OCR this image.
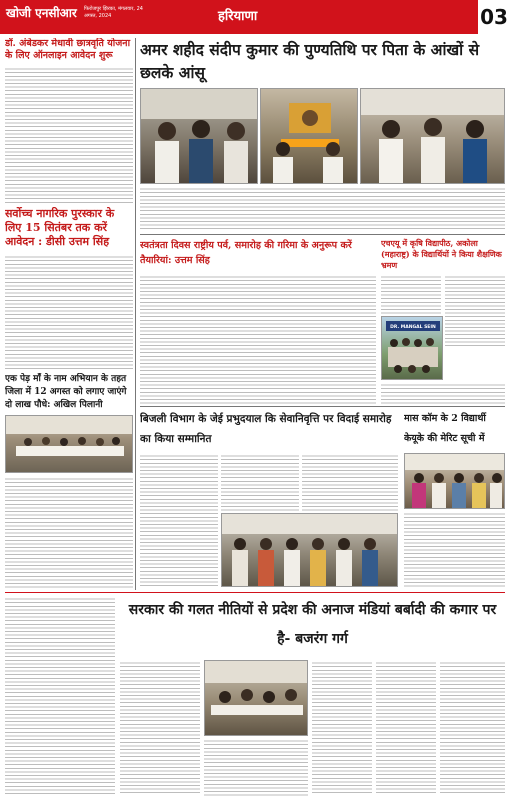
खोजी एनसीआर फिरोजपुर झिरका, मंगलवार, 24 अगस्त, 2024	हरियाणा	03
डॉ. अंबेडकर मेधावी छात्रवृति योजना के लिए ऑनलाइन आवेदन शुरू
सर्वोच्च नागरिक पुरस्कार के लिए 15 सितंबर तक करें आवेदन : डीसी उत्तम सिंह
एक पेड़ माँ के नाम अभियान के तहत जिला में 12 अगस्त को लगाए जाएंगे दो लाख पौधे: अखिल पिलानी
अमर शहीद संदीप कुमार की पुण्यतिथि पर पिता के आंखों से छलके आंसू
स्वतंत्रता दिवस राष्ट्रीय पर्व, समारोह की गरिमा के अनुरूप करें तैयारियां: उत्तम सिंह
एचएयू में कृषि विद्यापीठ, अकोला (महाराष्ट्र) के विद्यार्थियों ने किया शैक्षणिक भ्रमण
DR. MANGAL SEIN
बिजली विभाग के जेई प्रभुदयाल कि सेवानिवृत्ति पर विदाई समारोह का किया सम्मानित
मास कॉम के 2 विद्यार्थी केयूके की मेरिट सूची में
सरकार की गलत नीतियों से प्रदेश की अनाज मंडियां बर्बादी की कगार पर है- बजरंग गर्ग
